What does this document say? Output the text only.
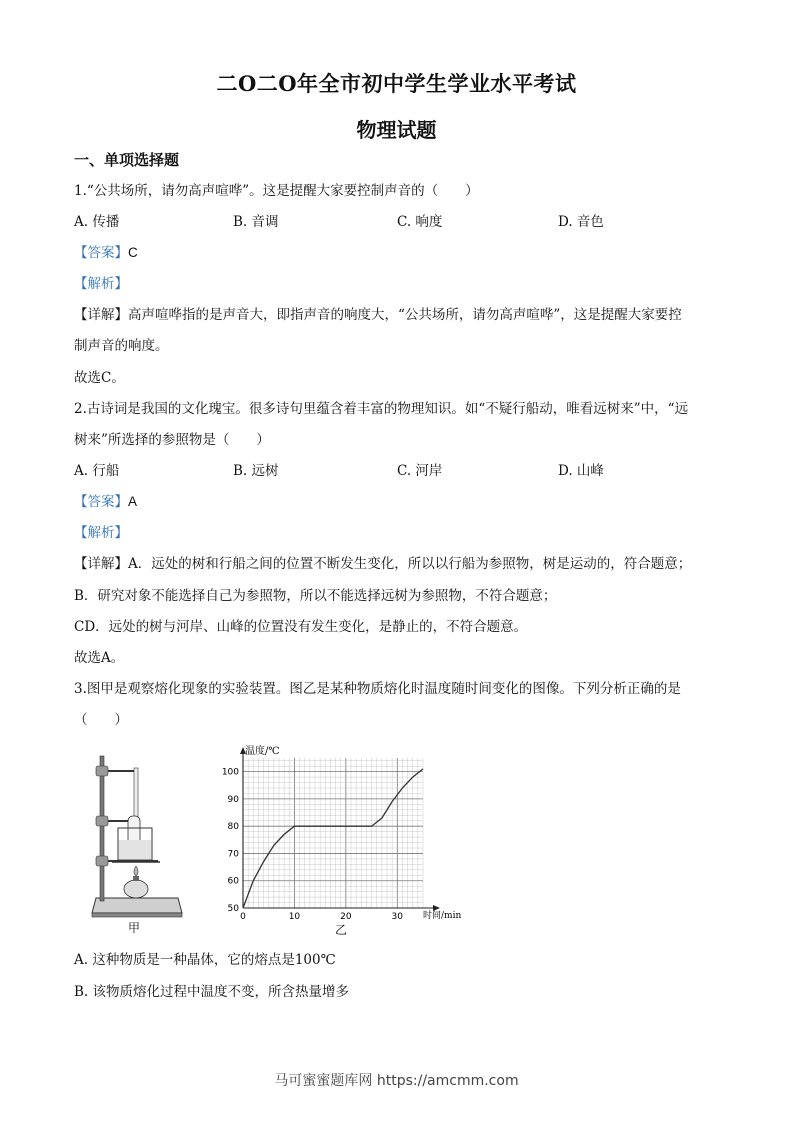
二O二O年全市初中学生学业水平考试
物理试题
一、单项选择题
1.“公共场所，请勿高声喧哗”。这是提醒大家要控制声音的（　　）
A. 传播	B. 音调	C. 响度	D. 音色
【答案】C
【解析】
【详解】高声喧哗指的是声音大，即指声音的响度大，“公共场所，请勿高声喧哗”，这是提醒大家要控
制声音的响度。
故选C。
2.古诗词是我国的文化瑰宝。很多诗句里蕴含着丰富的物理知识。如“不疑行船动，唯看远树来”中，“远
树来”所选择的参照物是（　　）
A. 行船	B. 远树	C. 河岸	D. 山峰
【答案】A
【解析】
【详解】A．远处的树和行船之间的位置不断发生变化，所以以行船为参照物，树是运动的，符合题意；
B．研究对象不能选择自己为参照物，所以不能选择远树为参照物，不符合题意；
CD．远处的树与河岸、山峰的位置没有发生变化，是静止的，不符合题意。
故选A。
3.图甲是观察熔化现象的实验装置。图乙是某种物质熔化时温度随时间变化的图像。下列分析正确的是
（　　）
甲
50
60
70
80
90
100
0	10	20	30
温度/℃
时间/min
乙
A. 这种物质是一种晶体，它的熔点是100℃
B. 该物质熔化过程中温度不变，所含热量增多
马可蜜蜜题库网 https://amcmm.com
